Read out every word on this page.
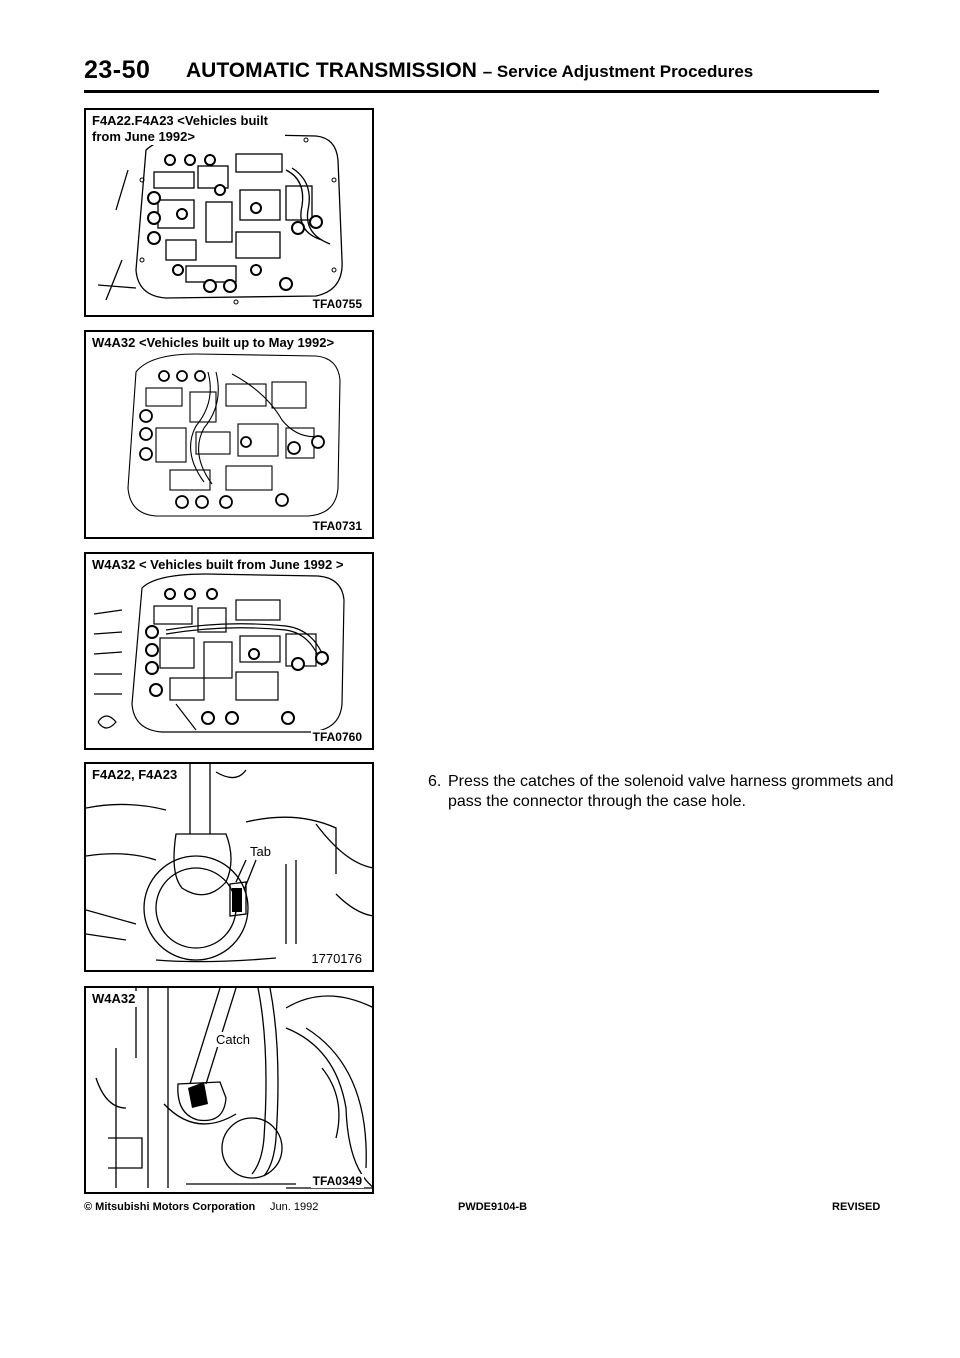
23-50 AUTOMATIC TRANSMISSION – Service Adjustment Procedures
F4A22.F4A23 <Vehicles built from June 1992>
TFA0755
W4A32 <Vehicles built up to May 1992>
TFA0731
W4A32 < Vehicles built from June 1992 >
TFA0760
F4A22, F4A23
Tab
1770176
W4A32
Catch
TFA0349
6. Press the catches of the solenoid valve harness grommets and pass the connector through the case hole.
© Mitsubishi Motors Corporation Jun. 1992	PWDE9104-B	REVISED
